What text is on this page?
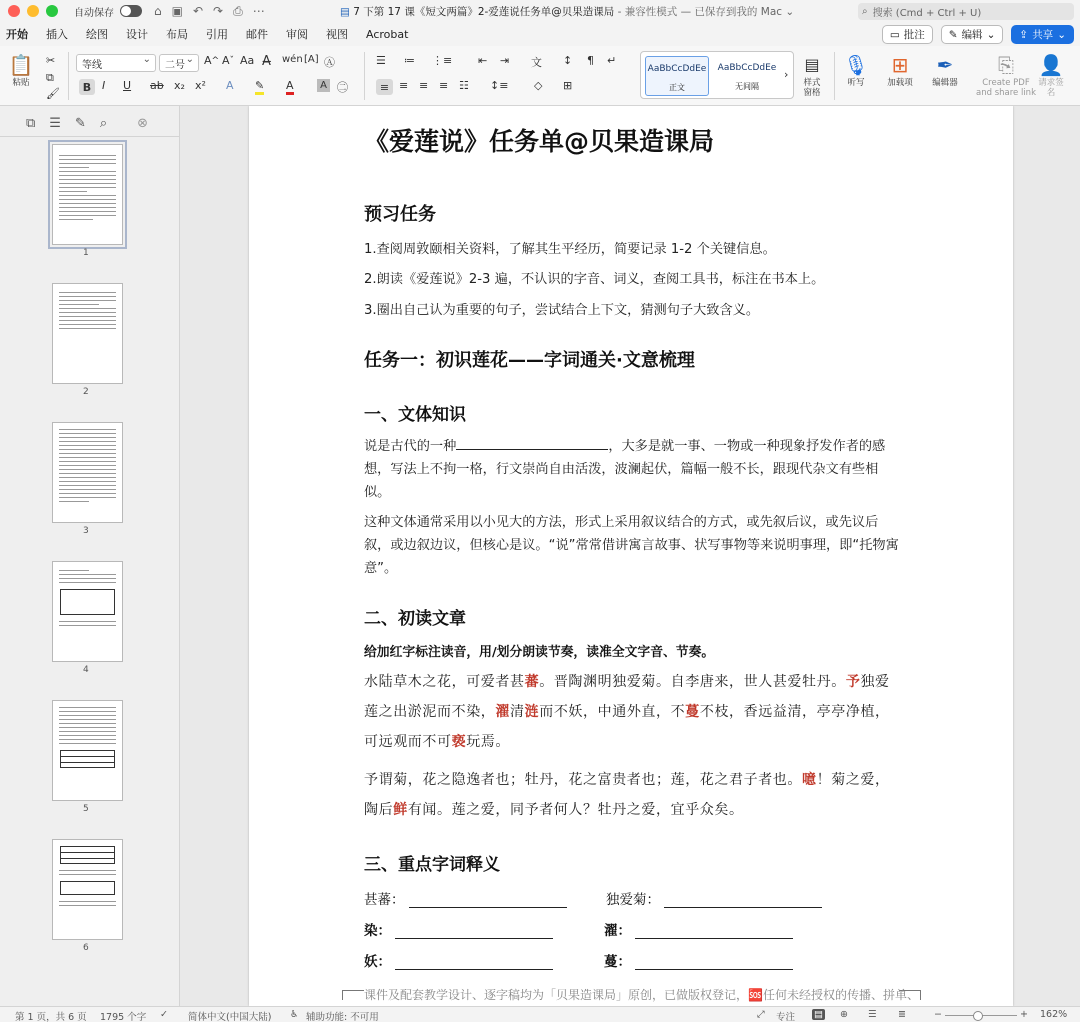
自动保存	⌂ ▣ ↶ ↷ ⎙ ⋯	▤ 7 下第 17 课《短文两篇》2-爱莲说任务单@贝果造课局 - 兼容性模式 — 已保存到我的 Mac ⌄	⌕ 搜索 (Cmd + Ctrl + U)
开始 插入 绘图 设计 布局 引用 邮件 审阅 视图 Acrobat	▭ 批注 ✎ 编辑 ⌄ ⇪ 共享 ⌄
📋
粘贴
✂
⧉
🖌
等线
⌄	二号
⌄ A ^ A ˇ Aa A̶ wén [A] Ⓐ
B I U ab x₂ x² A ✎ A	A ㊁
☰ ≔ ⋮≡ ⇤ ⇥ 文 ↕ ¶ ↵
≡ ≡ ≡ ≡ ☷ ↕≡ ◇ ⊞
AaBbCcDdEe
正文
AaBbCcDdEe
无间隔
›
▤
样式
窗格
🎙
听写
⊞
加载项
✒
编辑器
⎘
Create PDF and share link
👤
请求签名
⧉ ☰ ✎ ⌕ ⊗
1
2
3
4
5
6
《爱莲说》任务单@贝果造课局
预习任务
1.查阅周敦颐相关资料，了解其生平经历，简要记录 1-2 个关键信息。
2.朗读《爱莲说》2-3 遍，不认识的字音、词义，查阅工具书，标注在书本上。
3.圈出自己认为重要的句子，尝试结合上下文，猜测句子大致含义。
任务一：初识莲花——字词通关·文意梳理
一、文体知识
说是古代的一种	，大多是就一事、一物或一种现象抒发作者的感想，写法上不拘一格，行文崇尚自由活泼，波澜起伏，篇幅一般不长，跟现代杂文有些相似。
这种文体通常采用以小见大的方法，形式上采用叙议结合的方式，或先叙后议，或先议后叙，或边叙边议，但核心是议。“说”常常借讲寓言故事、状写事物等来说明事理，即“托物寓意”。
二、初读文章
给加红字标注读音，用/划分朗读节奏，读准全文字音、节奏。
水陆草木之花，可爱者甚蕃。晋陶渊明独爱菊。自李唐来，世人甚爱牡丹。予独爱莲之出淤泥而不染，濯清涟而不妖，中通外直，不蔓不枝，香远益清，亭亭净植，可远观而不可亵玩焉。
予谓菊，花之隐逸者也；牡丹，花之富贵者也；莲，花之君子者也。噫！菊之爱，陶后鲜有闻。莲之爱，同予者何人？牡丹之爱，宜乎众矣。
三、重点字词释义
甚蕃：	独爱菊：
染：	濯：
妖：	蔓：
课件及配套教学设计、逐字稿均为「贝果造课局」原创，已做版权登记，🆘任何未经授权的传播、拼单、
第 1 页，共 6 页 1795 个字 ✓ 简体中文(中国大陆) ♿ 辅助功能: 不可用	⤢ 专注 ▤ ⊕ ☰ ≣	−	+ 162%
